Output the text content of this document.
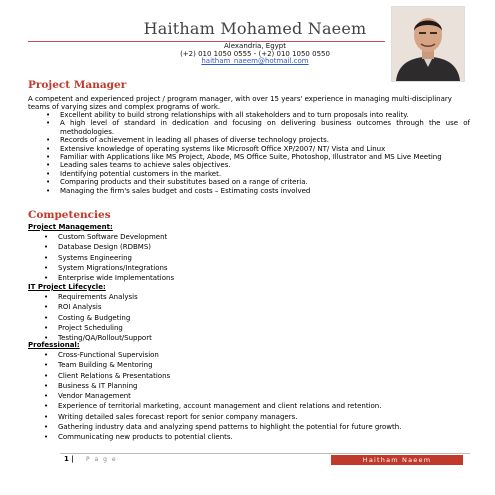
Haitham Mohamed Naeem
Alexandria, Egypt
(+2) 010 1050 0555 - (+2) 010 1050 0550
haitham_naeem@hotmail.com
Project Manager
A competent and experienced project / program manager, with over 15 years' experience in managing multi-disciplinary teams of varying sizes and complex programs of work.
• Excellent ability to build strong relationships with all stakeholders and to turn proposals into reality.
• A high level of standard in dedication and focusing on delivering business outcomes through the use of methodologies.
• Records of achievement in leading all phases of diverse technology projects.
• Extensive knowledge of operating systems like Microsoft Office XP/2007/ NT/ Vista and Linux
• Familiar with Applications like MS Project, Abode, MS Office Suite, Photoshop, Illustrator and MS Live Meeting
• Leading sales teams to achieve sales objectives.
• Identifying potential customers in the market.
• Comparing products and their substitutes based on a range of criteria.
• Managing the firm's sales budget and costs – Estimating costs involved
Competencies
Project Management:
• Custom Software Development
• Database Design (RDBMS)
• Systems Engineering
• System Migrations/Integrations
• Enterprise wide Implementations
IT Project Lifecycle:
• Requirements Analysis
• ROI Analysis
• Costing & Budgeting
• Project Scheduling
• Testing/QA/Rollout/Support
Professional:
• Cross-Functional Supervision
• Team Building & Mentoring
• Client Relations & Presentations
• Business & IT Planning
• Vendor Management
• Experience of territorial marketing, account management and client relations and retention.
• Writing detailed sales forecast report for senior company managers.
• Gathering industry data and analyzing spend patterns to highlight the potential for future growth.
• Communicating new products to potential clients.
1 | P a g e	Haitham Naeem
